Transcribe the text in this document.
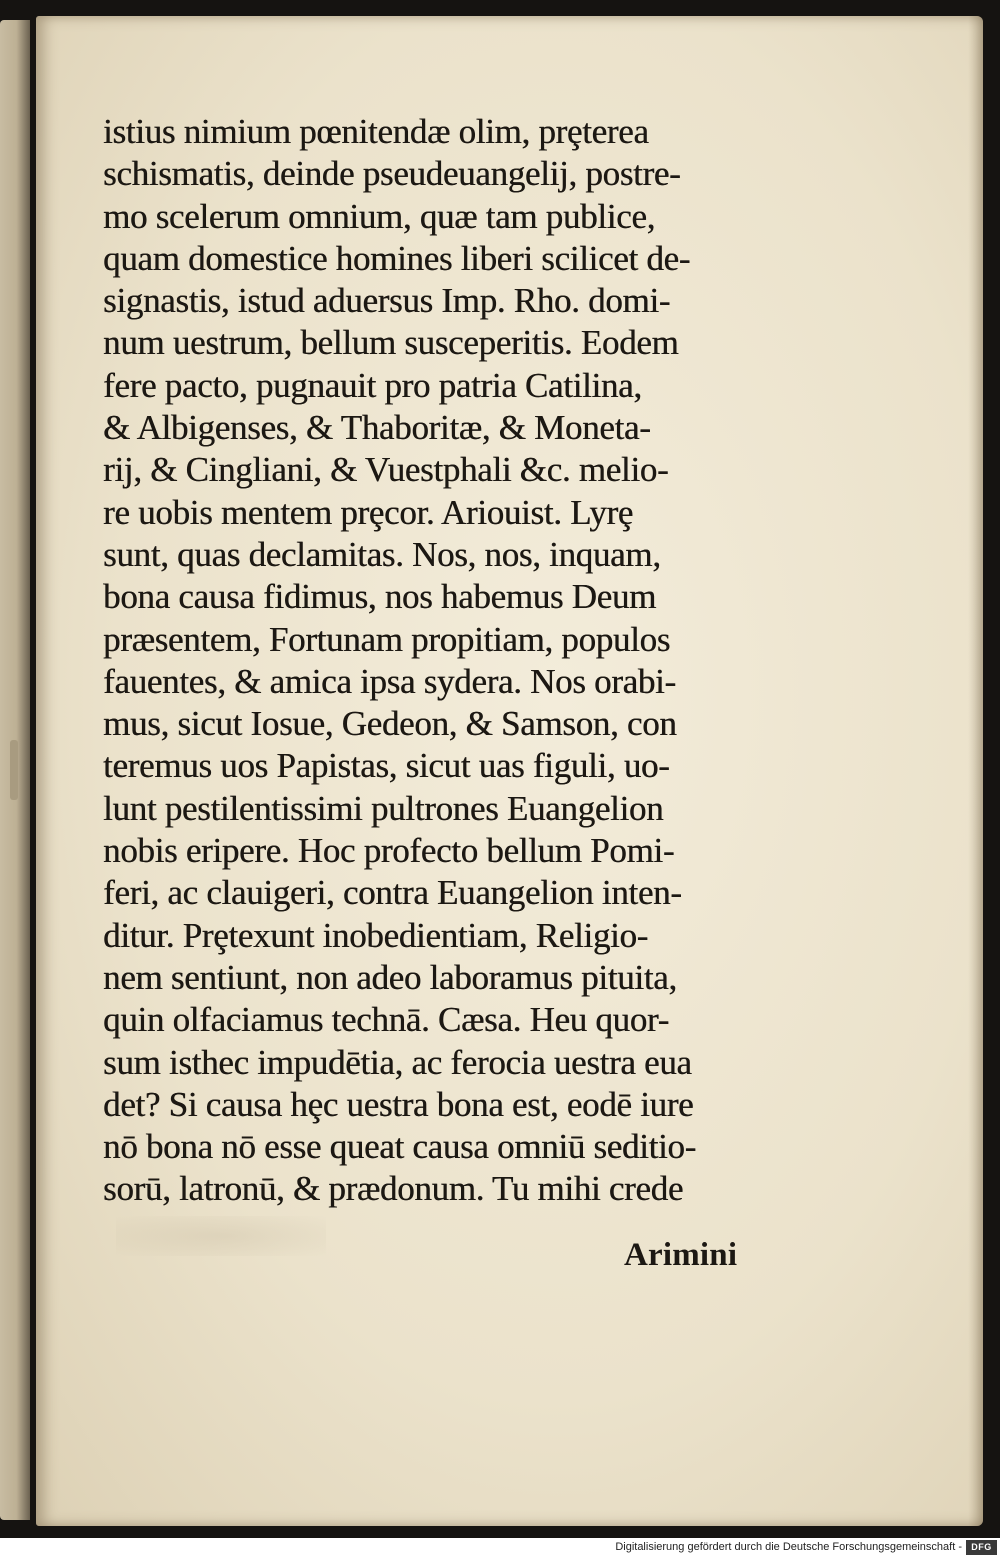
istius nimium pœnitendæ olim, prȩterea
schismatis, deinde pseudeuangelij, postre-
mo scelerum omnium, quæ tam publice,
quam domestice homines liberi scilicet de-
signastis, istud aduersus Imp. Rho. domi-
num uestrum, bellum susceperitis. Eodem
fere pacto, pugnauit pro patria Catilina,
& Albigenses, & Thaboritæ, & Moneta-
rij, & Cingliani, & Vuestphali &c. melio-
re uobis mentem prȩcor. Ariouist. Lyrȩ
sunt, quas declamitas. Nos, nos, inquam,
bona causa fidimus, nos habemus Deum
præsentem, Fortunam propitiam, populos
fauentes, & amica ipsa sydera. Nos orabi-
mus, sicut Iosue, Gedeon, & Samson, con
teremus uos Papistas, sicut uas figuli, uo-
lunt pestilentissimi pultrones Euangelion
nobis eripere. Hoc profecto bellum Pomi-
feri, ac clauigeri, contra Euangelion inten-
ditur. Prȩtexunt inobedientiam, Religio-
nem sentiunt, non adeo laboramus pituita,
quin olfaciamus technā. Cæsa. Heu quor-
sum isthec impudētia, ac ferocia uestra eua
det? Si causa hȩc uestra bona est, eodē iure
nō bona nō esse queat causa omniū seditio-
sorū, latronū, & prædonum. Tu mihi crede
Arimini
Digitalisierung gefördert durch die Deutsche Forschungsgemeinschaft -	DFG
